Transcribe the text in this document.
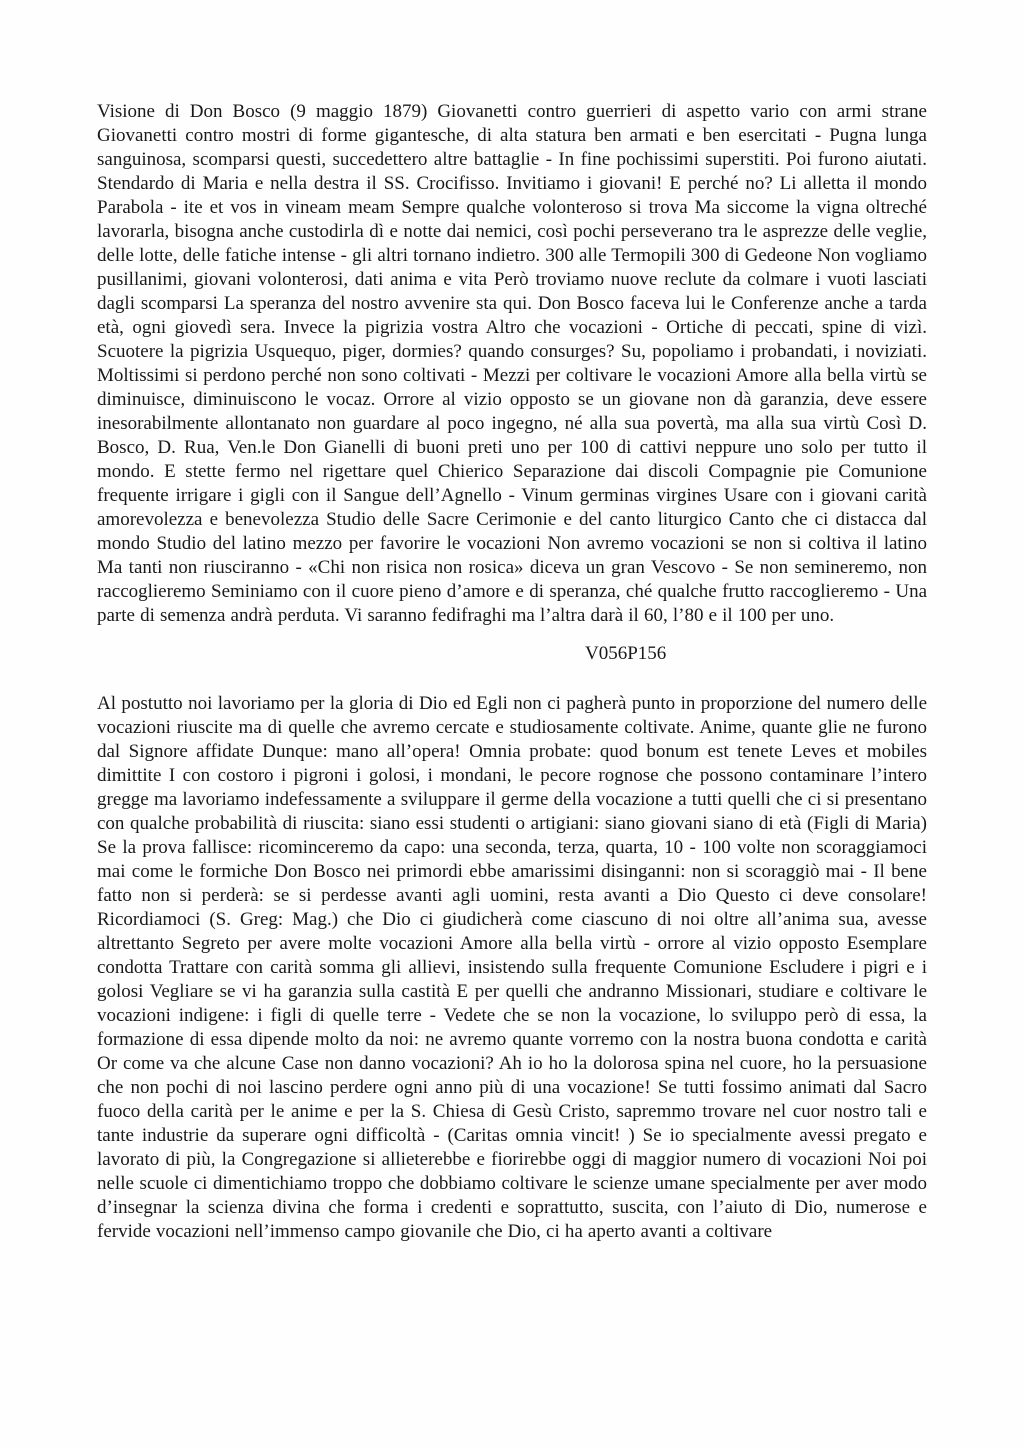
Visione di Don Bosco (9 maggio 1879) Giovanetti contro guerrieri di aspetto vario con armi strane Giovanetti contro mostri di forme gigantesche, di alta statura ben armati e ben esercitati - Pugna lunga sanguinosa, scomparsi questi, succedettero altre battaglie - In fine pochissimi superstiti. Poi furono aiutati. Stendardo di Maria e nella destra il SS. Crocifisso. Invitiamo i giovani! E perché no? Li alletta il mondo Parabola - ite et vos in vineam meam Sempre qualche volonteroso si trova Ma siccome la vigna oltreché lavorarla, bisogna anche custodirla dì e notte dai nemici, così pochi perseverano tra le asprezze delle veglie, delle lotte, delle fatiche intense - gli altri tornano indietro. 300 alle Termopili 300 di Gedeone Non vogliamo pusillanimi, giovani volonterosi, dati anima e vita Però troviamo nuove reclute da colmare i vuoti lasciati dagli scomparsi La speranza del nostro avvenire sta qui. Don Bosco faceva lui le Conferenze anche a tarda età, ogni giovedì sera. Invece la pigrizia vostra Altro che vocazioni - Ortiche di peccati, spine di vizì. Scuotere la pigrizia Usquequo, piger, dormies? quando consurges? Su, popoliamo i probandati, i noviziati. Moltissimi si perdono perché non sono coltivati - Mezzi per coltivare le vocazioni Amore alla bella virtù se diminuisce, diminuiscono le vocaz. Orrore al vizio opposto se un giovane non dà garanzia, deve essere inesorabilmente allontanato non guardare al poco ingegno, né alla sua povertà, ma alla sua virtù Così D. Bosco, D. Rua, Ven.le Don Gianelli di buoni preti uno per 100 di cattivi neppure uno solo per tutto il mondo. E stette fermo nel rigettare quel Chierico Separazione dai discoli Compagnie pie Comunione frequente irrigare i gigli con il Sangue dell’Agnello - Vinum germinas virgines Usare con i giovani carità amorevolezza e benevolezza Studio delle Sacre Cerimonie e del canto liturgico Canto che ci distacca dal mondo Studio del latino mezzo per favorire le vocazioni Non avremo vocazioni se non si coltiva il latino Ma tanti non riusciranno - «Chi non risica non rosica» diceva un gran Vescovo - Se non semineremo, non raccoglieremo Seminiamo con il cuore pieno d’amore e di speranza, ché qualche frutto raccoglieremo - Una parte di semenza andrà perduta. Vi saranno fedifraghi ma l’altra darà il 60, l’80 e il 100 per uno.

V056P156

Al postutto noi lavoriamo per la gloria di Dio ed Egli non ci pagherà punto in proporzione del numero delle vocazioni riuscite ma di quelle che avremo cercate e studiosamente coltivate. Anime, quante glie ne furono dal Signore affidate Dunque: mano all’opera! Omnia probate: quod bonum est tenete Leves et mobiles dimittite I con costoro i pigroni i golosi, i mondani, le pecore rognose che possono contaminare l’intero gregge ma lavoriamo indefessamente a sviluppare il germe della vocazione a tutti quelli che ci si presentano con qualche probabilità di riuscita: siano essi studenti o artigiani: siano giovani siano di età (Figli di Maria) Se la prova fallisce: ricominceremo da capo: una seconda, terza, quarta, 10 - 100 volte non scoraggiamoci mai come le formiche Don Bosco nei primordi ebbe amarissimi disinganni: non si scoraggiò mai - Il bene fatto non si perderà: se si perdesse avanti agli uomini, resta avanti a Dio Questo ci deve consolare! Ricordiamoci (S. Greg: Mag.) che Dio ci giudicherà come ciascuno di noi oltre all’anima sua, avesse altrettanto Segreto per avere molte vocazioni Amore alla bella virtù - orrore al vizio opposto Esemplare condotta Trattare con carità somma gli allievi, insistendo sulla frequente Comunione Escludere i pigri e i golosi Vegliare se vi ha garanzia sulla castità E per quelli che andranno Missionari, studiare e coltivare le vocazioni indigene: i figli di quelle terre - Vedete che se non la vocazione, lo sviluppo però di essa, la formazione di essa dipende molto da noi: ne avremo quante vorremo con la nostra buona condotta e carità Or come va che alcune Case non danno vocazioni? Ah io ho la dolorosa spina nel cuore, ho la persuasione che non pochi di noi lascino perdere ogni anno più di una vocazione! Se tutti fossimo animati dal Sacro fuoco della carità per le anime e per la S. Chiesa di Gesù Cristo, sapremmo trovare nel cuor nostro tali e tante industrie da superare ogni difficoltà - (Caritas omnia vincit! ) Se io specialmente avessi pregato e lavorato di più, la Congregazione si allieterebbe e fiorirebbe oggi di maggior numero di vocazioni Noi poi nelle scuole ci dimentichiamo troppo che dobbiamo coltivare le scienze umane specialmente per aver modo d’insegnar la scienza divina che forma i credenti e soprattutto, suscita, con l’aiuto di Dio, numerose e fervide vocazioni nell’immenso campo giovanile che Dio, ci ha aperto avanti a coltivare
